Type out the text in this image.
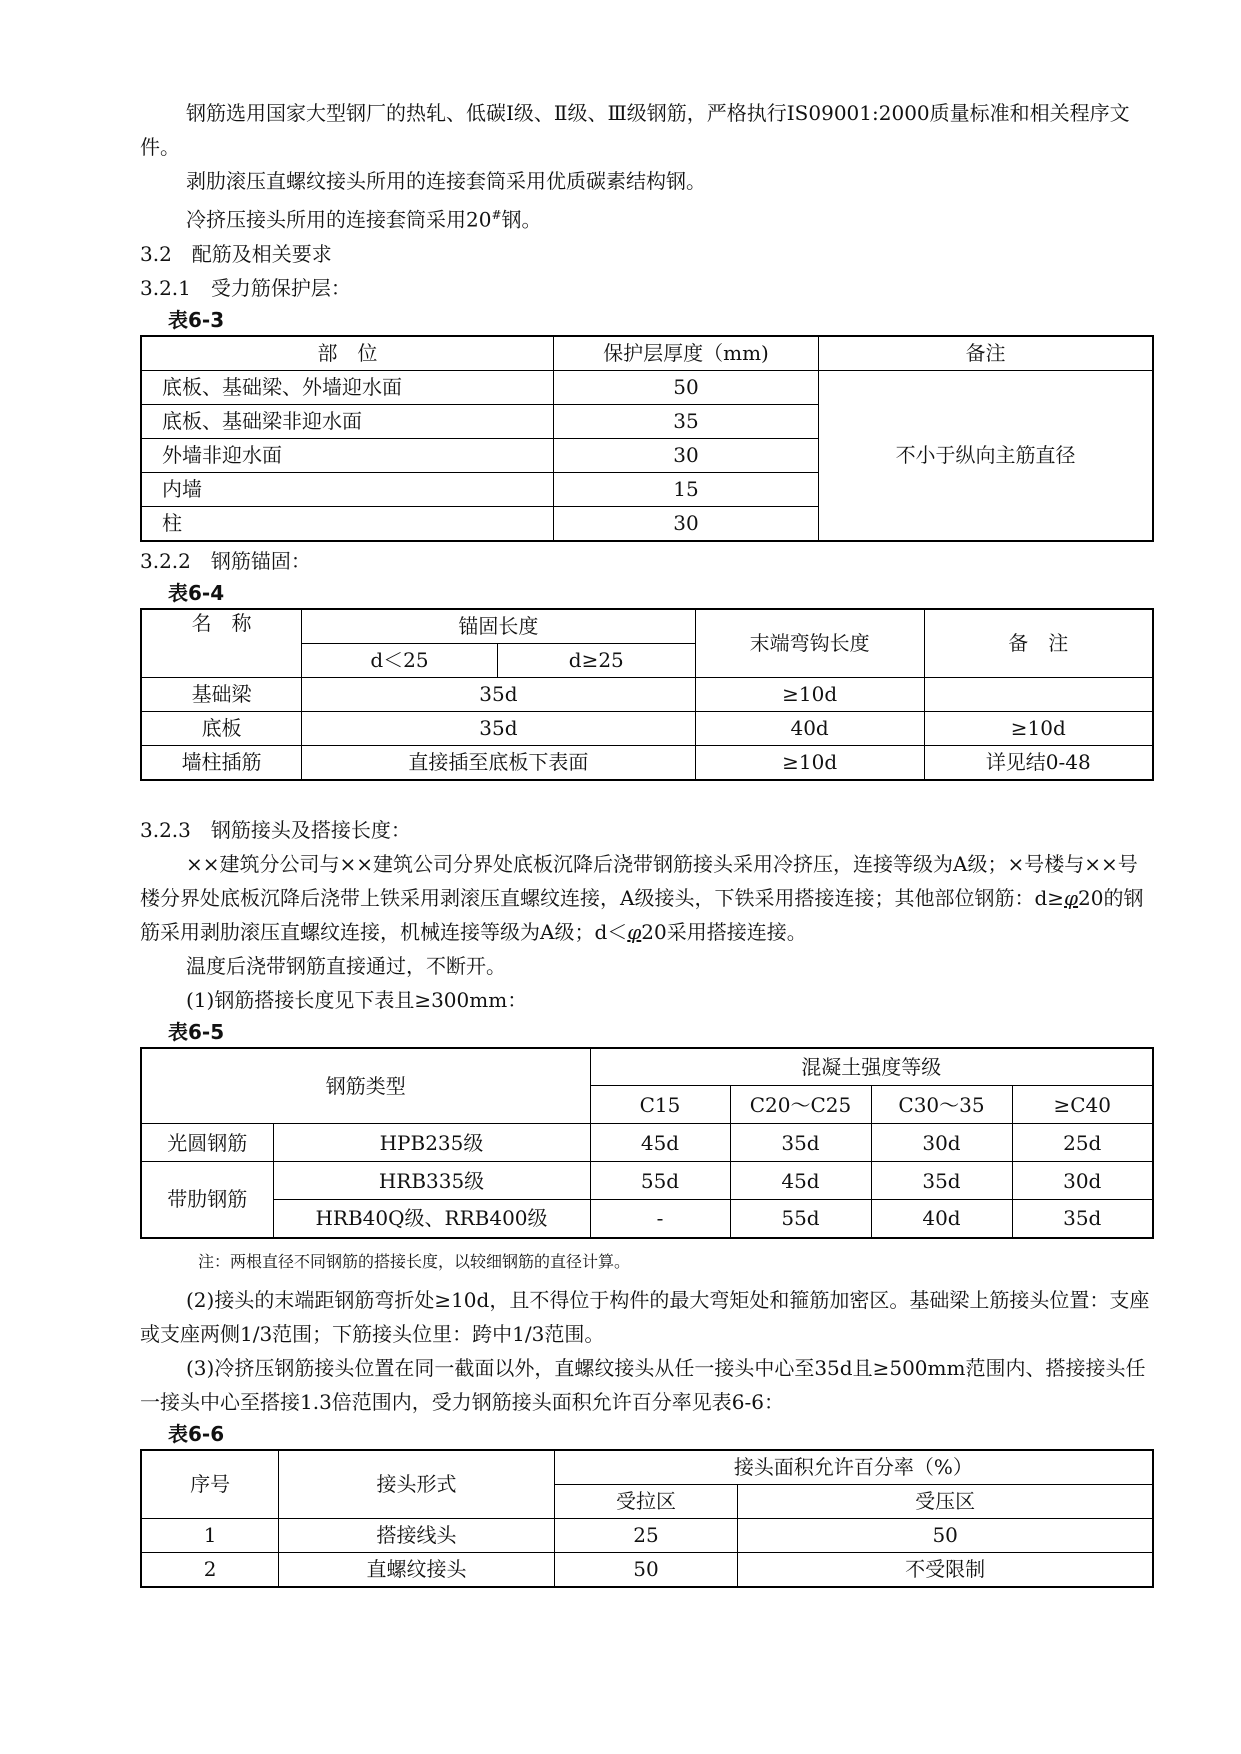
钢筋选用国家大型钢厂的热轧、低碳Ⅰ级、Ⅱ级、Ⅲ级钢筋，严格执行IS09001:2000质量标准和相关程序文件。

剥肋滚压直螺纹接头所用的连接套筒采用优质碳素结构钢。

冷挤压接头所用的连接套筒采用20#钢。

3.2　配筋及相关要求

3.2.1　受力筋保护层：

表6-3

部　位	保护层厚度（mm)	备注
底板、基础梁、外墙迎水面	50	不小于纵向主筋直径
底板、基础梁非迎水面	35	
外墙非迎水面	30	
内墙	15	
柱	30	

3.2.2　钢筋锚固：

表6-4

名　称	锚固长度		末端弯钩长度	备　注
	d＜25	d≥25		
基础梁	35d		≥10d	
底板	35d		40d	≥10d
墙柱插筋	直接插至底板下表面		≥10d	详见结0-48

3.2.3　钢筋接头及搭接长度：

××建筑分公司与××建筑公司分界处底板沉降后浇带钢筋接头采用冷挤压，连接等级为A级；×号楼与××号楼分界处底板沉降后浇带上铁采用剥滚压直螺纹连接，A级接头，下铁采用搭接连接；其他部位钢筋：d≥φ20的钢筋采用剥肋滚压直螺纹连接，机械连接等级为A级；d＜φ20采用搭接连接。

温度后浇带钢筋直接通过，不断开。

(1)钢筋搭接长度见下表且≥300mm：

表6-5

钢筋类型		混凝土强度等级			
		C15	C20～C25	C30～35	≥C40
光圆钢筋	HPB235级	45d	35d	30d	25d
带肋钢筋	HRB335级	55d	45d	35d	30d
	HRB40Q级、RRB400级	-	55d	40d	35d

注：两根直径不同钢筋的搭接长度，以较细钢筋的直径计算。

(2)接头的末端距钢筋弯折处≥10d，且不得位于构件的最大弯矩处和箍筋加密区。基础梁上筋接头位置：支座或支座两侧1/3范围；下筋接头位里：跨中1/3范围。

(3)冷挤压钢筋接头位置在同一截面以外，直螺纹接头从任一接头中心至35d且≥500mm范围内、搭接接头任一接头中心至搭接1.3倍范围内，受力钢筋接头面积允许百分率见表6-6：

表6-6

序号	接头形式	接头面积允许百分率（%）	
		受拉区	受压区
1	搭接线头	25	50
2	直螺纹接头	50	不受限制
